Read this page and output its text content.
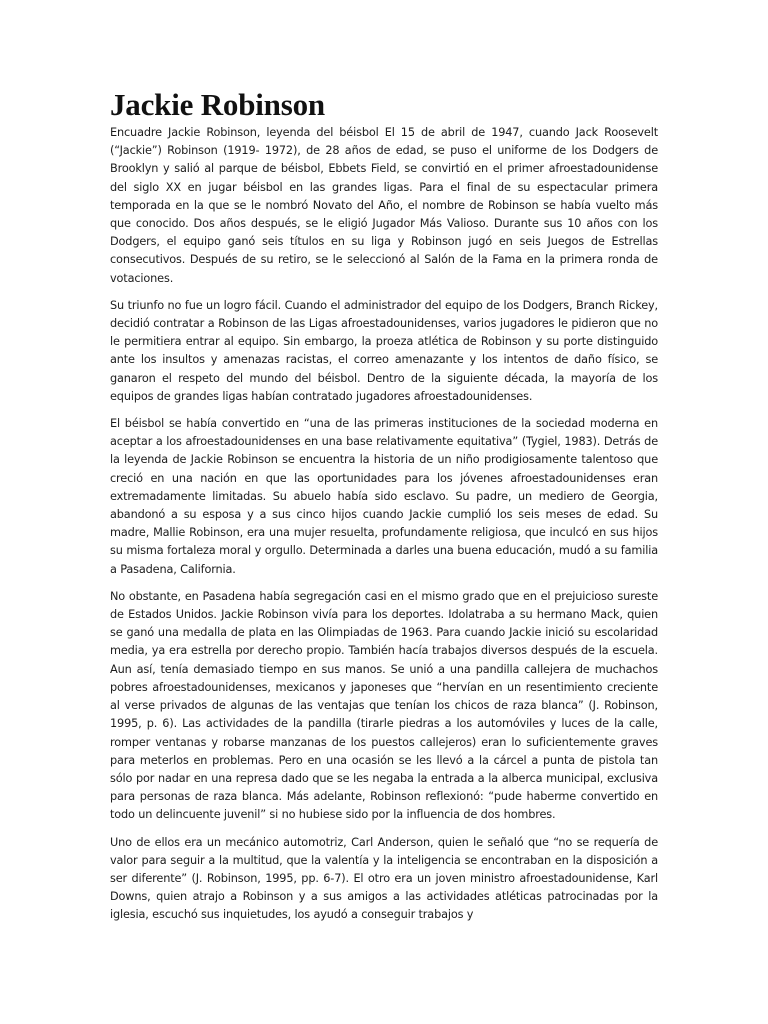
Jackie Robinson

Encuadre Jackie Robinson, leyenda del béisbol El 15 de abril de 1947, cuando Jack Roosevelt (“Jackie”) Robinson (1919- 1972), de 28 años de edad, se puso el uniforme de los Dodgers de Brooklyn y salió al parque de béisbol, Ebbets Field, se convirtió en el primer afroestadounidense del siglo XX en jugar béisbol en las grandes ligas. Para el final de su espectacular primera temporada en la que se le nombró Novato del Año, el nombre de Robinson se había vuelto más que conocido. Dos años después, se le eligió Jugador Más Valioso. Durante sus 10 años con los Dodgers, el equipo ganó seis títulos en su liga y Robinson jugó en seis Juegos de Estrellas consecutivos. Después de su retiro, se le seleccionó al Salón de la Fama en la primera ronda de votaciones.

Su triunfo no fue un logro fácil. Cuando el administrador del equipo de los Dodgers, Branch Rickey, decidió contratar a Robinson de las Ligas afroestadounidenses, varios jugadores le pidieron que no le permitiera entrar al equipo. Sin embargo, la proeza atlética de Robinson y su porte distinguido ante los insultos y amenazas racistas, el correo amenazante y los intentos de daño físico, se ganaron el respeto del mundo del béisbol. Dentro de la siguiente década, la mayoría de los equipos de grandes ligas habían contratado jugadores afroestadounidenses.

El béisbol se había convertido en “una de las primeras instituciones de la sociedad moderna en aceptar a los afroestadounidenses en una base relativamente equitativa” (Tygiel, 1983). Detrás de la leyenda de Jackie Robinson se encuentra la historia de un niño prodigiosamente talentoso que creció en una nación en que las oportunidades para los jóvenes afroestadounidenses eran extremadamente limitadas. Su abuelo había sido esclavo. Su padre, un mediero de Georgia, abandonó a su esposa y a sus cinco hijos cuando Jackie cumplió los seis meses de edad. Su madre, Mallie Robinson, era una mujer resuelta, profundamente religiosa, que inculcó en sus hijos su misma fortaleza moral y orgullo. Determinada a darles una buena educación, mudó a su familia a Pasadena, California.

No obstante, en Pasadena había segregación casi en el mismo grado que en el prejuicioso sureste de Estados Unidos. Jackie Robinson vivía para los deportes. Idolatraba a su hermano Mack, quien se ganó una medalla de plata en las Olimpiadas de 1963. Para cuando Jackie inició su escolaridad media, ya era estrella por derecho propio. También hacía trabajos diversos después de la escuela. Aun así, tenía demasiado tiempo en sus manos. Se unió a una pandilla callejera de muchachos pobres afroestadounidenses, mexicanos y japoneses que “hervían en un resentimiento creciente al verse privados de algunas de las ventajas que tenían los chicos de raza blanca” (J. Robinson, 1995, p. 6). Las actividades de la pandilla (tirarle piedras a los automóviles y luces de la calle, romper ventanas y robarse manzanas de los puestos callejeros) eran lo suficientemente graves para meterlos en problemas. Pero en una ocasión se les llevó a la cárcel a punta de pistola tan sólo por nadar en una represa dado que se les negaba la entrada a la alberca municipal, exclusiva para personas de raza blanca. Más adelante, Robinson reflexionó: “pude haberme convertido en todo un delincuente juvenil” si no hubiese sido por la influencia de dos hombres.

Uno de ellos era un mecánico automotriz, Carl Anderson, quien le señaló que “no se requería de valor para seguir a la multitud, que la valentía y la inteligencia se encontraban en la disposición a ser diferente” (J. Robinson, 1995, pp. 6-7). El otro era un joven ministro afroestadounidense, Karl Downs, quien atrajo a Robinson y a sus amigos a las actividades atléticas patrocinadas por la iglesia, escuchó sus inquietudes, los ayudó a conseguir trabajos y
